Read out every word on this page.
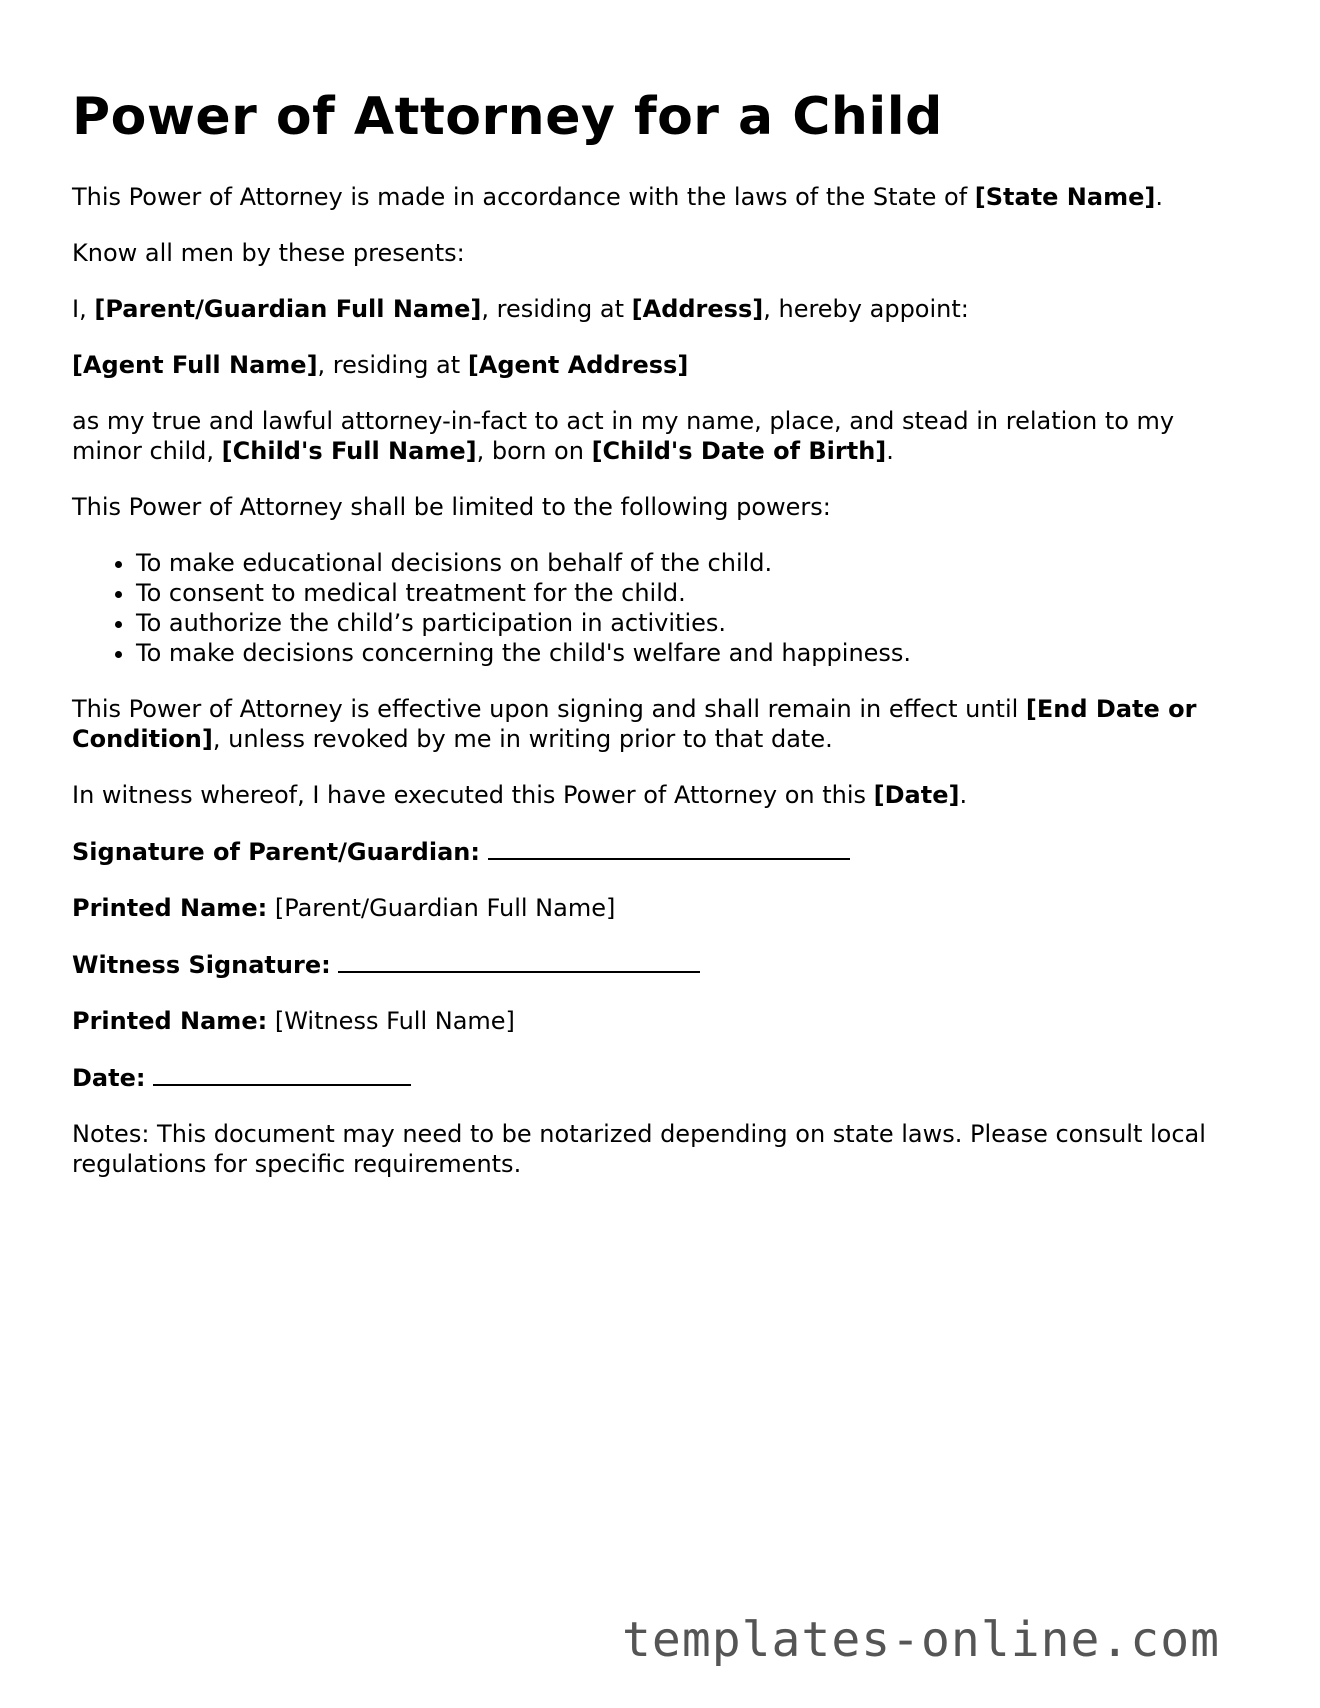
Power of Attorney for a Child

This Power of Attorney is made in accordance with the laws of the State of [State Name].

Know all men by these presents:

I, [Parent/Guardian Full Name], residing at [Address], hereby appoint:

[Agent Full Name], residing at [Agent Address]

as my true and lawful attorney-in-fact to act in my name, place, and stead in relation to my minor child, [Child's Full Name], born on [Child's Date of Birth].

This Power of Attorney shall be limited to the following powers:

• To make educational decisions on behalf of the child.
• To consent to medical treatment for the child.
• To authorize the child’s participation in activities.
• To make decisions concerning the child's welfare and happiness.

This Power of Attorney is effective upon signing and shall remain in effect until [End Date or Condition], unless revoked by me in writing prior to that date.

In witness whereof, I have executed this Power of Attorney on this [Date].

Signature of Parent/Guardian:

Printed Name: [Parent/Guardian Full Name]

Witness Signature:

Printed Name: [Witness Full Name]

Date:

Notes: This document may need to be notarized depending on state laws. Please consult local regulations for specific requirements.

templates-online.com
